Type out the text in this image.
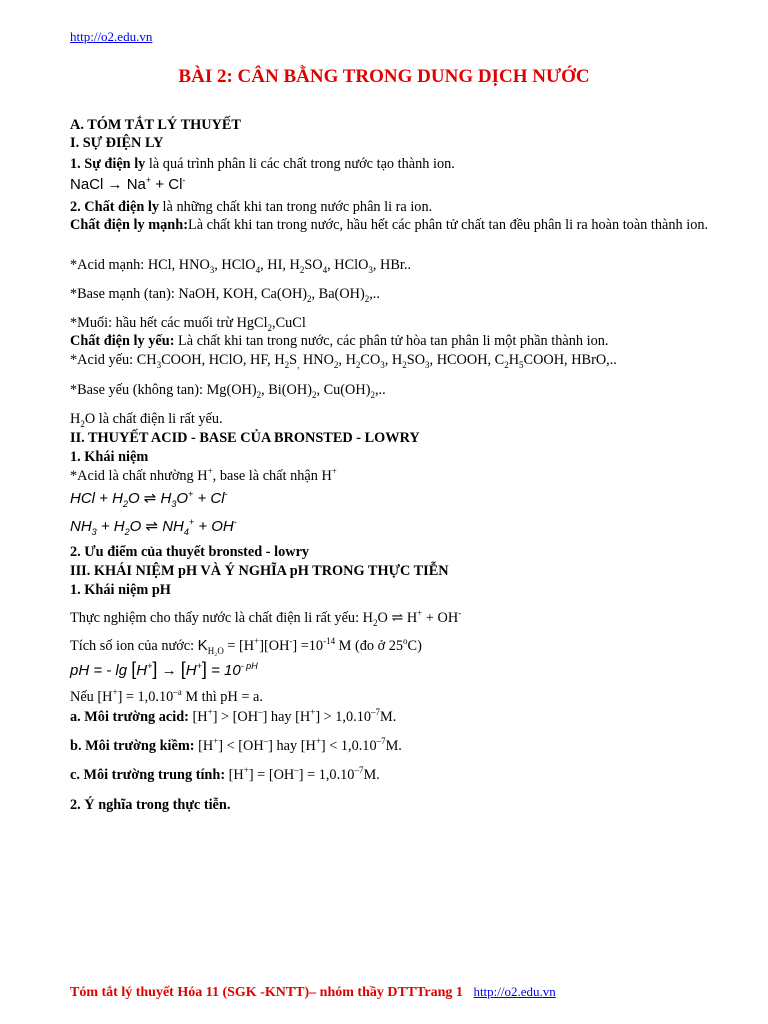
http://o2.edu.vn
BÀI 2: CÂN BẰNG TRONG DUNG DỊCH NƯỚC
A. TÓM TẮT LÝ THUYẾT
I. SỰ ĐIỆN LY
1. Sự điện ly là quá trình phân li các chất trong nước tạo thành ion.
NaCl → Na+ + Cl-
2. Chất điện ly là những chất khi tan trong nước phân li ra ion.
Chất điện ly mạnh:Là chất khi tan trong nước, hầu hết các phân tử chất tan đều phân li ra hoàn toàn thành ion.
*Acid mạnh: HCl, $HNO_3$, HClO$_4$, HI, $H_2SO_4$, HClO$_3$, HBr..
*Base mạnh (tan): NaOH, KOH, $Ca(OH)_2$, $Ba(OH)_2$,..
*Muối: hầu hết các muối trừ HgCl$_2$,CuCl
Chất điện ly yếu: Là chất khi tan trong nước, các phân tử hòa tan phân li một phần thành ion.
*Acid yếu: $CH_3COOH$, HClO, HF, $H_2S_,$ $HNO_2$, $H_2CO_3$, $H_2SO_3$, HCOOH, $C_2H_5COOH$, HBrO,..
*Base yếu (không tan): $Mg(OH)_2$, $Bi(OH)_2$, $Cu(OH)_2$,..
$H_2O$ là chất điện li rất yếu.
II. THUYẾT ACID - BASE CỦA BRONSTED - LOWRY
1. Khái niệm
*Acid là chất nhường H+, base là chất nhận H+
HCl + $H_2O$ ⇌ $H_3O^+ + Cl^-$
$NH_3 + H_2O$ ⇌ $NH_4^+ + OH^-$
2. Ưu điểm của thuyết bronsted - lowry
III. KHÁI NIỆM pH VÀ Ý NGHĨA pH TRONG THỰC TIỄN
1. Khái niệm pH
Thực nghiệm cho thấy nước là chất điện li rất yếu: $H_2O$ ⇌ H+ + OH-
Tích số ion của nước: $K_{H_2O} = [H^+][OH^-] =10^{-14}$ M (đo ở 25$^o$C)
pH = - $\lg [H^+] \to [H^+] = 10^{- pH}$
Nếu $[H^+] = 1,0.10^{-a}$ M thì pH = a.
a. Môi trường acid: [H+] > [OH–] hay $[H^+] > 1,0.10^{-7}M$.
b. Môi trường kiềm: [H+] < [OH–] hay $[H^+] < 1,0.10^{-7}M$.
c. Môi trường trung tính: $[H^+] = [OH^-] = 1,0.10^{-7}M$.
2. Ý nghĩa trong thực tiễn.
Tóm tắt lý thuyết Hóa 11 (SGK -KNTT)– nhóm thầy DTTTrang 1 http://o2.edu.vn
